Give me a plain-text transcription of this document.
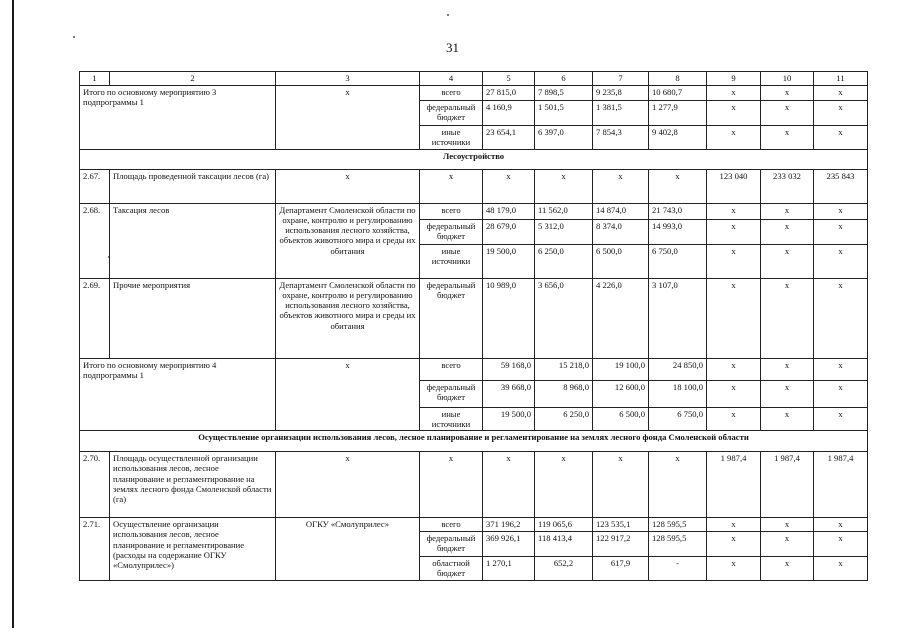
31
1	2	3	4	5	6	7	8	9	10	11
Итого по основному мероприятию 3 подпрограммы 1		x	всего	27 815,0	7 898,5	9 235,8	10 680,7	x	x	x
			федеральный бюджет	4 160,9	1 501,5	1 381,5	1 277,9	x	x	x
			иные источники	23 654,1	6 397,0	7 854,3	9 402,8	x	x	x
Лесоустройство										
2.67.	Площадь проведенной таксации лесов (га)	x	x	x	x	x	x	123 040	233 032	235 843
2.68.	Таксация лесов	Департамент Смоленской области по охране, контролю и регулированию использования лесного хозяйства, объектов животного мира и среды их обитания	всего	48 179,0	11 562,0	14 874,0	21 743,0	x	x	x
			федеральный бюджет	28 679,0	5 312,0	8 374,0	14 993,0	x	x	x
			иные источники	19 500,0	6 250,0	6 500,0	6 750,0	x	x	x
2.69.	Прочие мероприятия	Департамент Смоленской области по охране, контролю и регулированию использования лесного хозяйства, объектов животного мира и среды их обитания	федеральный бюджет	10 989,0	3 656,0	4 226,0	3 107,0	x	x	x
Итого по основному мероприятию 4 подпрограммы 1		x	всего	59 168,0	15 218,0	19 100,0	24 850,0	x	x	x
			федеральный бюджет	39 668,0	8 968,0	12 600,0	18 100,0	x	x	x
			иные источники	19 500,0	6 250,0	6 500,0	6 750,0	x	x	x
Осуществление организации использования лесов, лесное планирование и регламентирование на землях лесного фонда Смоленской области										
2.70.	Площадь осуществленной организации использования лесов, лесное планирование и регламентирование на землях лесного фонда Смоленской области (га)	x	x	x	x	x	x	1 987,4	1 987,4	1 987,4
2.71.	Осуществление организации использования лесов, лесное планирование и регламентирование (расходы на содержание ОГКУ «Смолуприлес»)	ОГКУ «Смолуприлес»	всего	371 196,2	119 065,6	123 535,1	128 595,5	x	x	x
			федеральный бюджет	369 926,1	118 413,4	122 917,2	128 595,5	x	x	x
			областной бюджет	1 270,1	652,2	617,9	-	x	x	x
